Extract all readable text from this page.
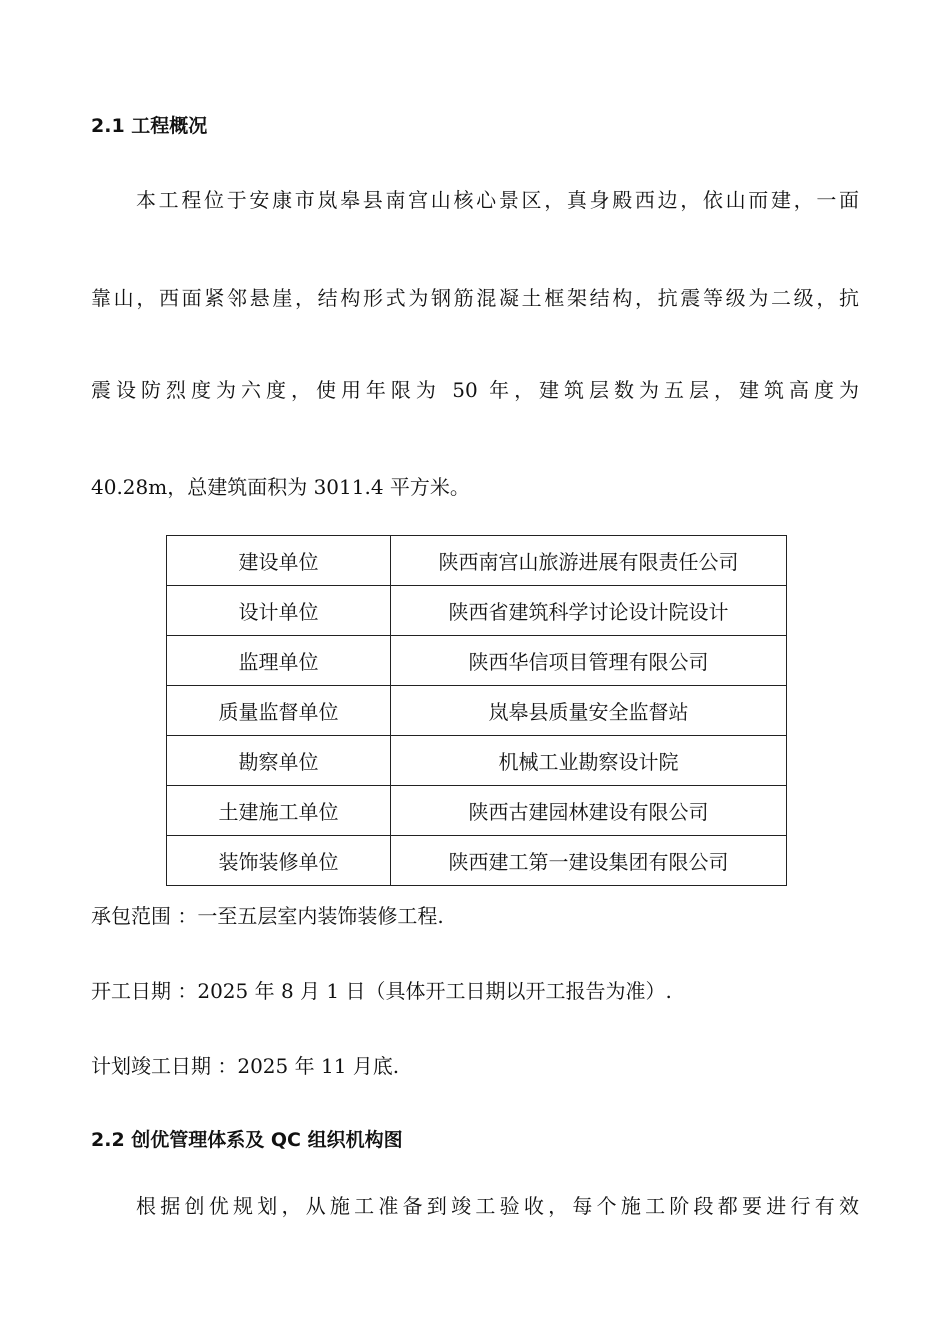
2.1 工程概况
本工程位于安康市岚皋县南宫山核心景区，真身殿西边，依山而建，一面
靠山，西面紧邻悬崖，结构形式为钢筋混凝土框架结构，抗震等级为二级，抗
震设防烈度为六度，使用年限为 50 年，建筑层数为五层，建筑高度为
40.28m，总建筑面积为 3011.4 平方米。
建设单位	陕西南宫山旅游进展有限责任公司
设计单位	陕西省建筑科学讨论设计院设计
监理单位	陕西华信项目管理有限公司
质量监督单位	岚皋县质量安全监督站
勘察单位	机械工业勘察设计院
土建施工单位	陕西古建园林建设有限公司
装饰装修单位	陕西建工第一建设集团有限公司
承包范围 ：一至五层室内装饰装修工程.
开工日期 ：2025 年 8 月 1 日（具体开工日期以开工报告为准）.
计划竣工日期 ：2025 年 11 月底.
2.2 创优管理体系及 QC 组织机构图
根据创优规划，从施工准备到竣工验收，每个施工阶段都要进行有效
